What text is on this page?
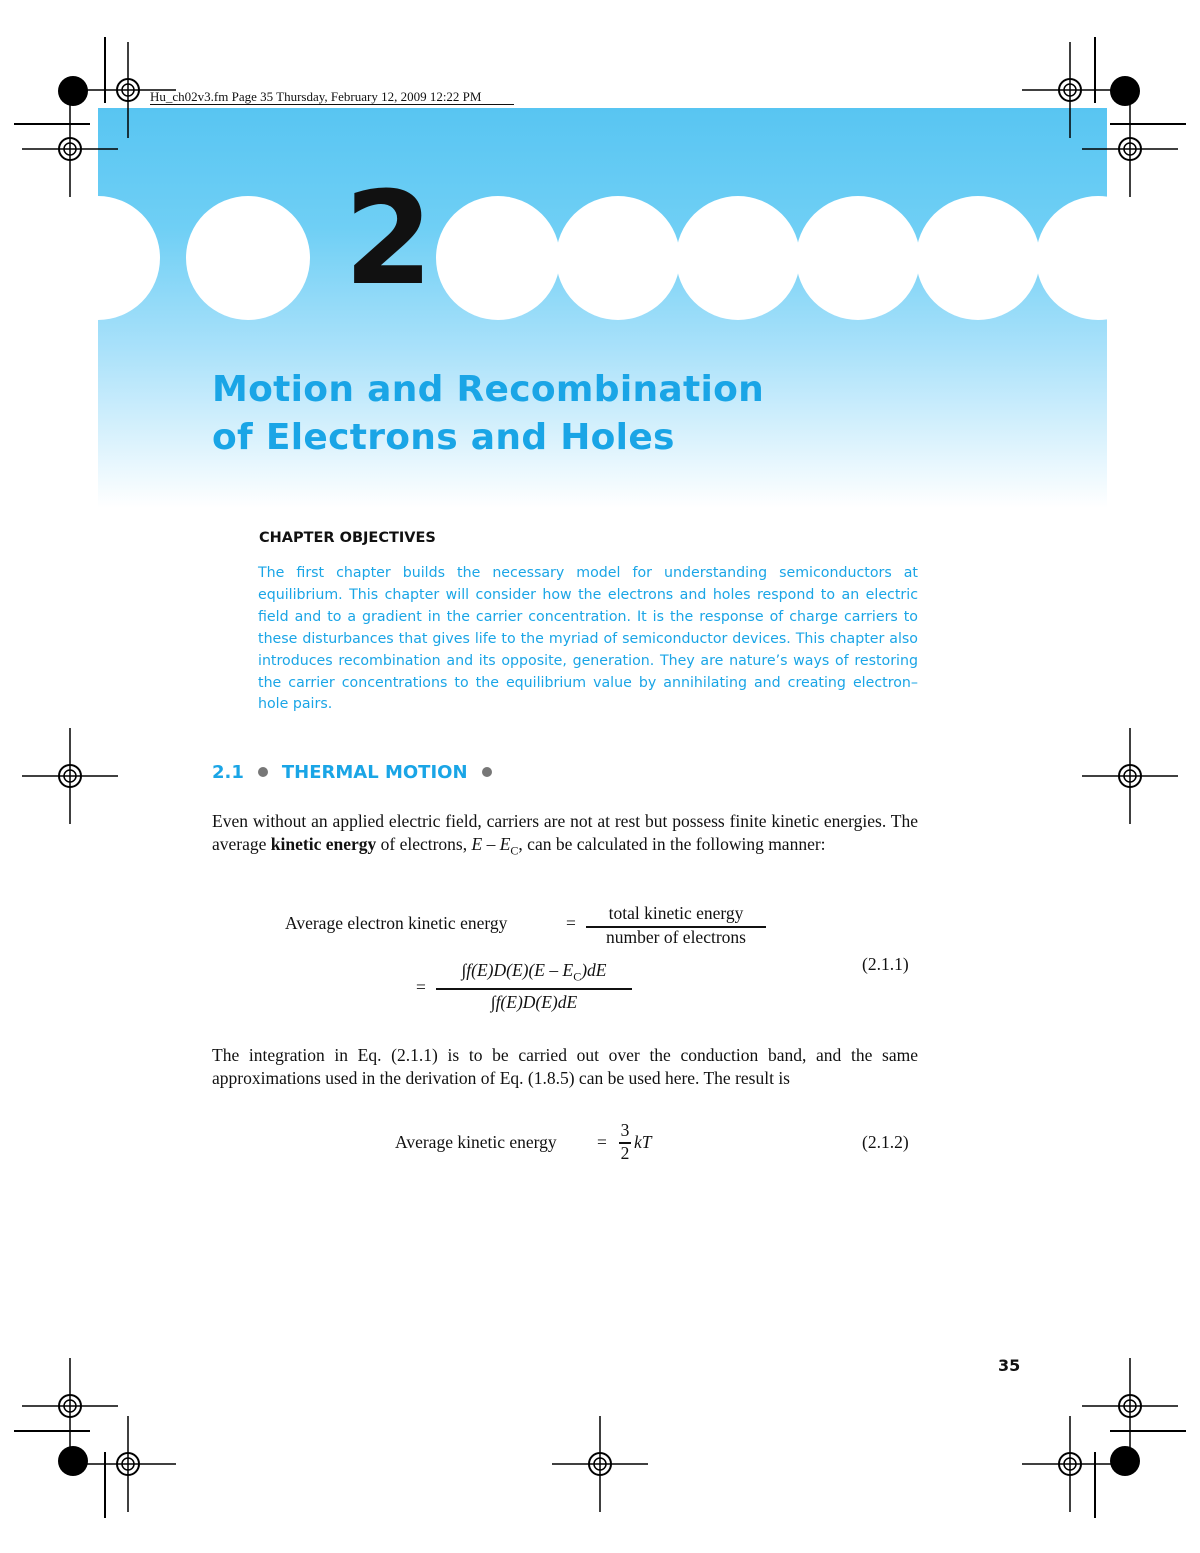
Hu_ch02v3.fm Page 35 Thursday, February 12, 2009 12:22 PM
2
Motion and Recombination
of Electrons and Holes
CHAPTER OBJECTIVES
The first chapter builds the necessary model for understanding semiconductors at equilibrium. This chapter will consider how the electrons and holes respond to an electric field and to a gradient in the carrier concentration. It is the response of charge carriers to these disturbances that gives life to the myriad of semiconductor devices. This chapter also introduces recombination and its opposite, generation. They are nature’s ways of restoring the carrier concentrations to the equilibrium value by annihilating and creating electron–hole pairs.
2.1 THERMAL MOTION
Even without an applied electric field, carriers are not at rest but possess finite kinetic energies. The average kinetic energy of electrons, E – $E_C$, can be calculated in the following manner:
Average electron kinetic energy	=	total kinetic energy
number of electrons
=
$\int f(E)D(E)(E - E_C)dE$
∫f(E)D(E)dE
(2.1.1)
The integration in Eq. (2.1.1) is to be carried out over the conduction band, and the same approximations used in the derivation of Eq. (1.8.5) can be used here. The result is
Average kinetic energy =
3
2
kT	(2.1.2)
35
